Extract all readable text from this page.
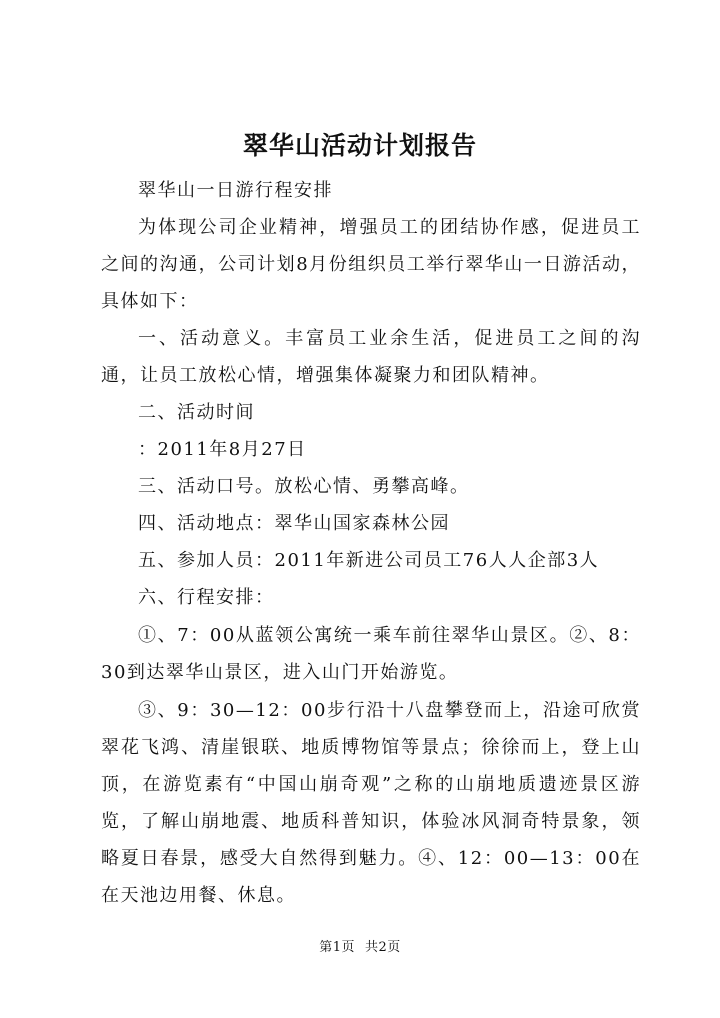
翠华山活动计划报告

翠华山一日游行程安排

为体现公司企业精神，增强员工的团结协作感，促进员工之间的沟通，公司计划8月份组织员工举行翠华山一日游活动，具体如下：

一、活动意义。丰富员工业余生活，促进员工之间的沟通，让员工放松心情，增强集体凝聚力和团队精神。

二、活动时间

：2011年8月27日

三、活动口号。放松心情、勇攀高峰。

四、活动地点：翠华山国家森林公园

五、参加人员：2011年新进公司员工76人人企部3人

六、行程安排：

①、7：00从蓝领公寓统一乘车前往翠华山景区。②、8：30到达翠华山景区，进入山门开始游览。

③、9：30—12：00步行沿十八盘攀登而上，沿途可欣赏翠花飞鸿、清崖银联、地质博物馆等景点；徐徐而上，登上山顶，在游览素有“中国山崩奇观”之称的山崩地质遗迹景区游览，了解山崩地震、地质科普知识，体验冰风洞奇特景象，领略夏日春景，感受大自然得到魅力。④、12：00—13：00在在天池边用餐、休息。

第1页 共2页
